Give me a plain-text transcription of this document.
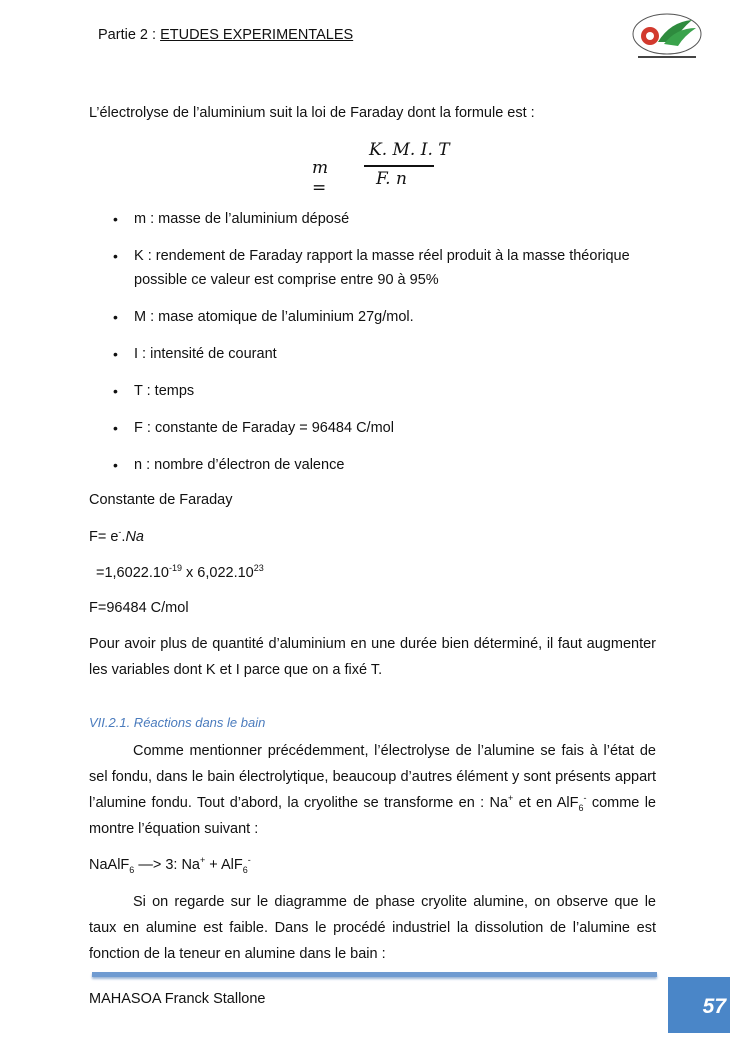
Partie 2 : ETUDES EXPERIMENTALES
L’électrolyse de l’aluminium suit la loi de Faraday dont la formule est :
m =
K. M. I. T
F. n
• m : masse de l’aluminium déposé
• K : rendement de Faraday rapport la masse réel produit à la masse théorique possible ce valeur est comprise entre 90 à 95%
• M : mase atomique de l’aluminium 27g/mol.
• I : intensité de courant
• T : temps
• F : constante de Faraday = 96484 C/mol
• n : nombre d’électron de valence
Constante de Faraday
F= e-.Na
$=1,6022.10^{-19}$ x 6,022.10$^{23}$
F=96484 C/mol
Pour avoir plus de quantité d’aluminium en une durée bien déterminé, il faut augmenter les variables dont K et I parce que on a fixé T.
VII.2.1. Réactions dans le bain
Comme mentionner précédemment, l’électrolyse de l’alumine se fais à l’état de sel fondu, dans le bain électrolytique, beaucoup d’autres élément y sont présents appart l’alumine fondu. Tout d’abord, la cryolithe se transforme en : Na+ et en AlF$_6$- comme le montre l’équation suivant :
NaAlF$_6$ —> 3: Na+ + AlF$_6$-
Si on regarde sur le diagramme de phase cryolite alumine, on observe que le taux en alumine est faible. Dans le procédé industriel la dissolution de l’alumine est fonction de la teneur en alumine dans le bain :
MAHASOA Franck Stallone	57
